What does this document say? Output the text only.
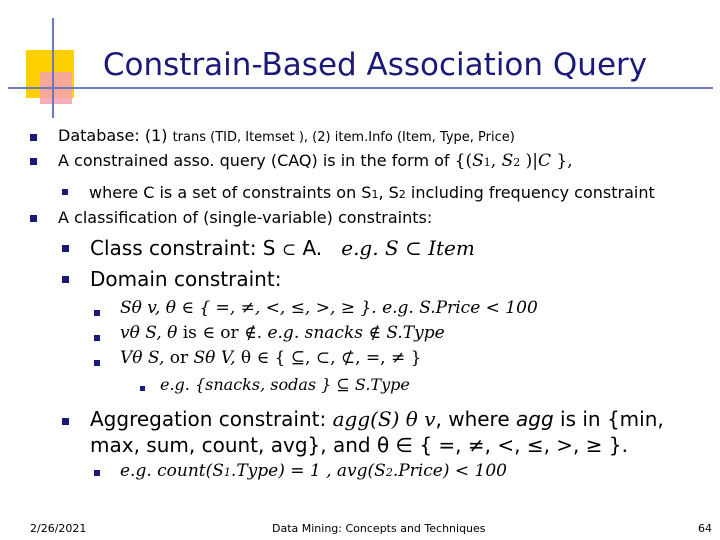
Constrain-Based Association Query
Database: (1) trans (TID, Itemset ), (2) item.Info (Item, Type, Price)
A constrained asso. query (CAQ) is in the form of {(S1, S2 )|C },
where C is a set of constraints on S1, S2 including frequency constraint
A classification of (single-variable) constraints:
Class constraint: S ⊂ A. e.g. S ⊂ Item
Domain constraint:
Sθ v, θ ∈ { =, ≠, <, ≤, >, ≥ }. e.g. S.Price < 100
vθ S, θ is ∈ or ∉. e.g. snacks ∉ S.Type
Vθ S, or Sθ V, θ ∈ { ⊆, ⊂, ⊄, =, ≠ }
e.g. {snacks, sodas } ⊆ S.Type
Aggregation constraint: agg(S) θ v, where agg is in {min,
max, sum, count, avg}, and θ ∈ { =, ≠, <, ≤, >, ≥ }.
e.g. count(S1.Type) = 1 , avg(S2.Price) < 100
2/26/2021	Data Mining: Concepts and Techniques	64
